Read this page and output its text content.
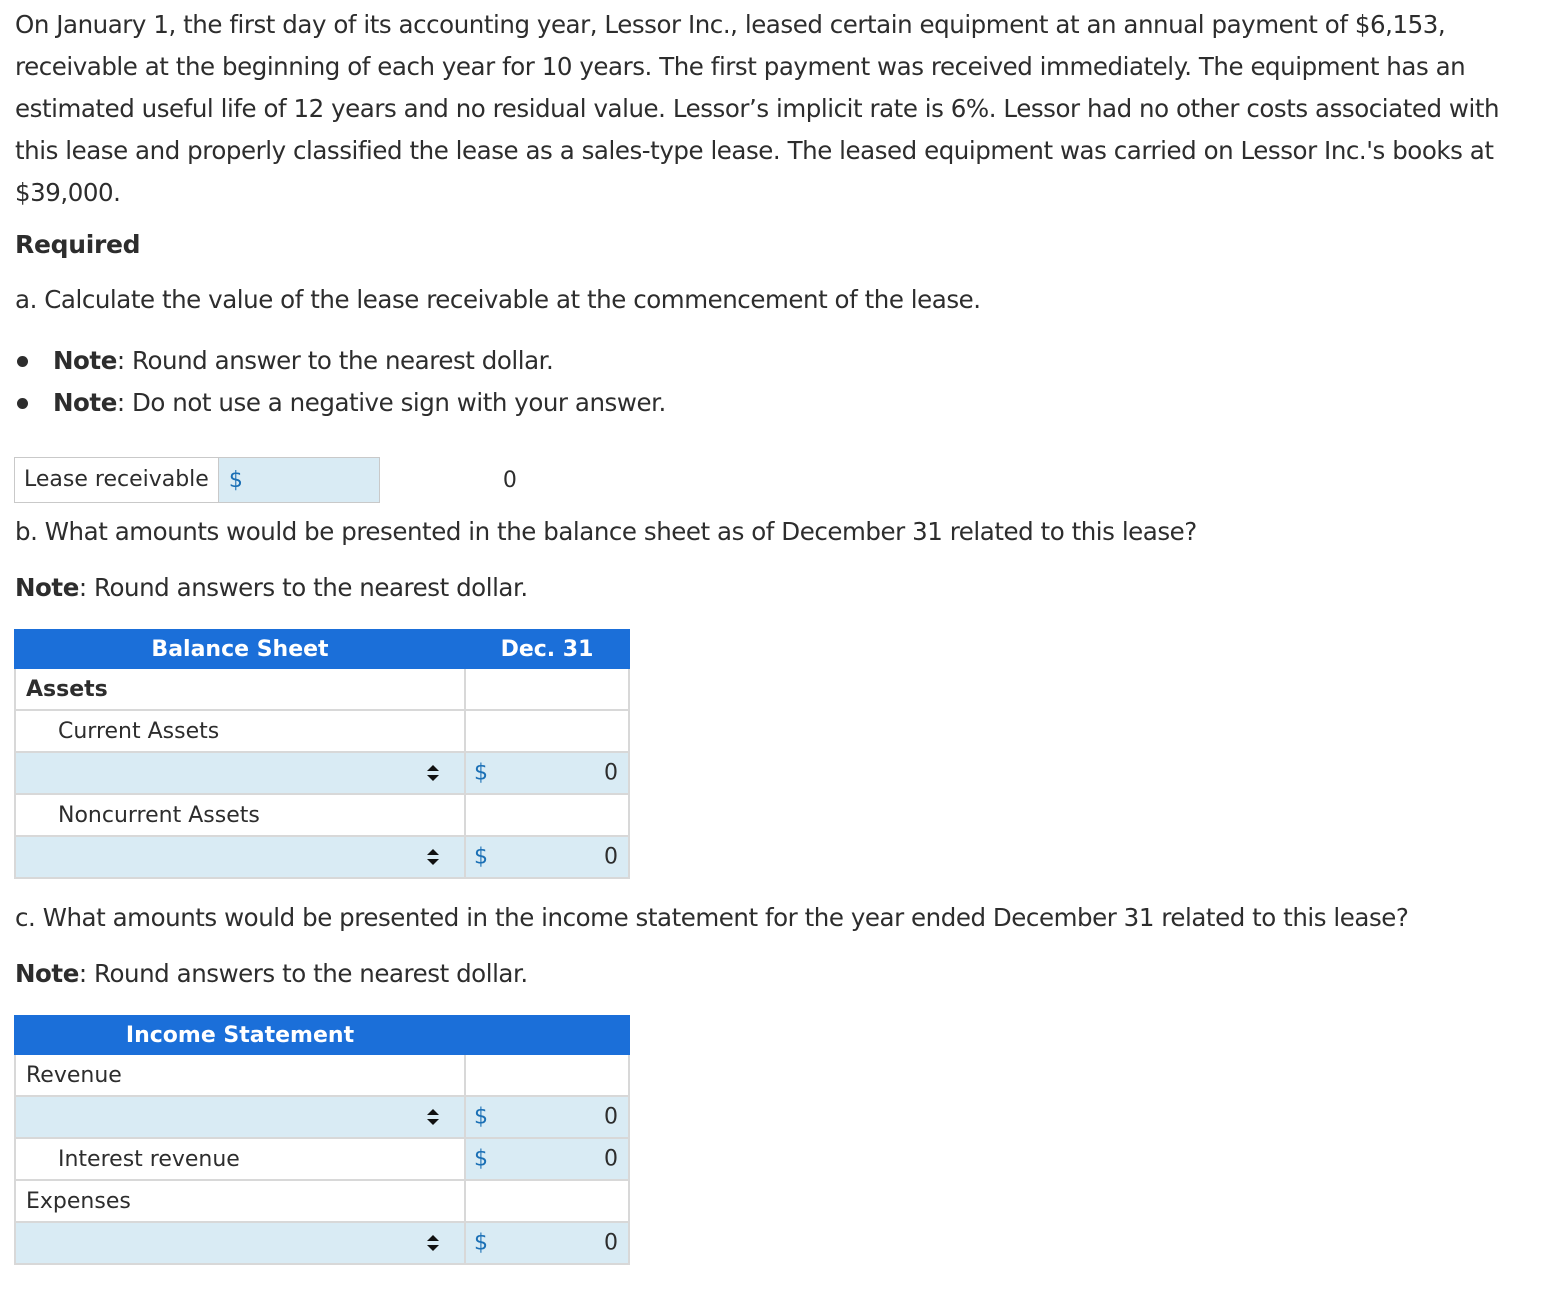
On January 1, the first day of its accounting year, Lessor Inc., leased certain equipment at an annual payment of $6,153, receivable at the beginning of each year for 10 years. The first payment was received immediately. The equipment has an estimated useful life of 12 years and no residual value. Lessor’s implicit rate is 6%. Lessor had no other costs associated with this lease and properly classified the lease as a sales-type lease. The leased equipment was carried on Lessor Inc.'s books at $39,000.

Required

a. Calculate the value of the lease receivable at the commencement of the lease.

Note: Round answer to the nearest dollar.
Note: Do not use a negative sign with your answer.
Lease receivable $
0

b. What amounts would be presented in the balance sheet as of December 31 related to this lease?

Note: Round answers to the nearest dollar.

Balance Sheet	Dec. 31
Assets	
Current Assets	

$ 0

Noncurrent Assets	

$ 0

c. What amounts would be presented in the income statement for the year ended December 31 related to this lease?

Note: Round answers to the nearest dollar.

Income Statement	
Revenue	

$ 0

Interest revenue	$ 0

Expenses	

$ 0
